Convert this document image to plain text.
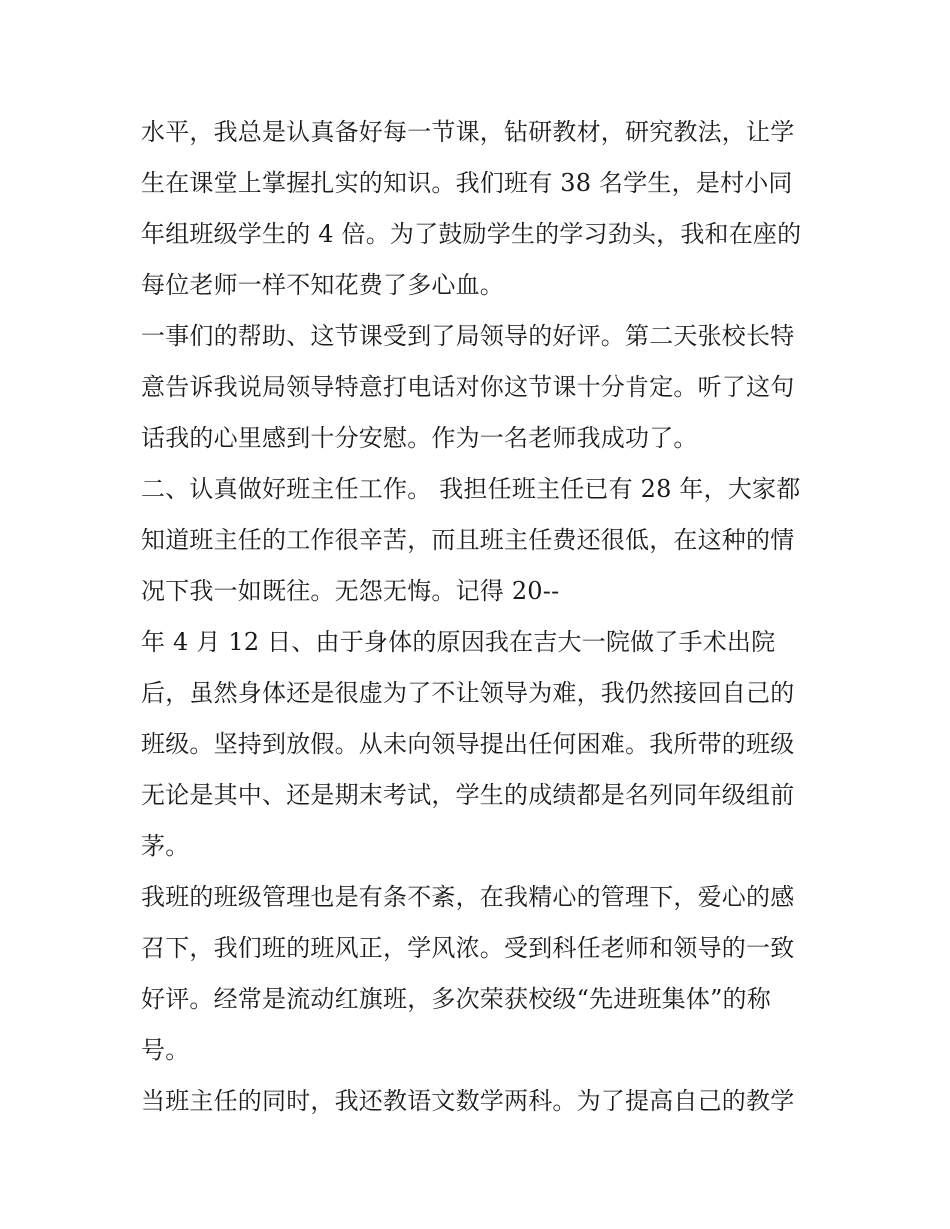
水平，我总是认真备好每一节课，钻研教材，研究教法，让学
生在课堂上掌握扎实的知识。我们班有 38 名学生，是村小同
年组班级学生的 4 倍。为了鼓励学生的学习劲头，我和在座的
每位老师一样不知花费了多心血。
一事们的帮助、这节课受到了局领导的好评。第二天张校长特
意告诉我说局领导特意打电话对你这节课十分肯定。听了这句
话我的心里感到十分安慰。作为一名老师我成功了。
二、认真做好班主任工作。 我担任班主任已有 28 年，大家都
知道班主任的工作很辛苦，而且班主任费还很低，在这种的情
况下我一如既往。无怨无悔。记得 20--
年 4 月 12 日、由于身体的原因我在吉大一院做了手术出院
后，虽然身体还是很虚为了不让领导为难，我仍然接回自己的
班级。坚持到放假。从未向领导提出任何困难。我所带的班级
无论是其中、还是期末考试，学生的成绩都是名列同年级组前
茅。
我班的班级管理也是有条不紊，在我精心的管理下，爱心的感
召下，我们班的班风正，学风浓。受到科任老师和领导的一致
好评。经常是流动红旗班，多次荣获校级“先进班集体”的称
号。
当班主任的同时，我还教语文数学两科。为了提高自己的教学
